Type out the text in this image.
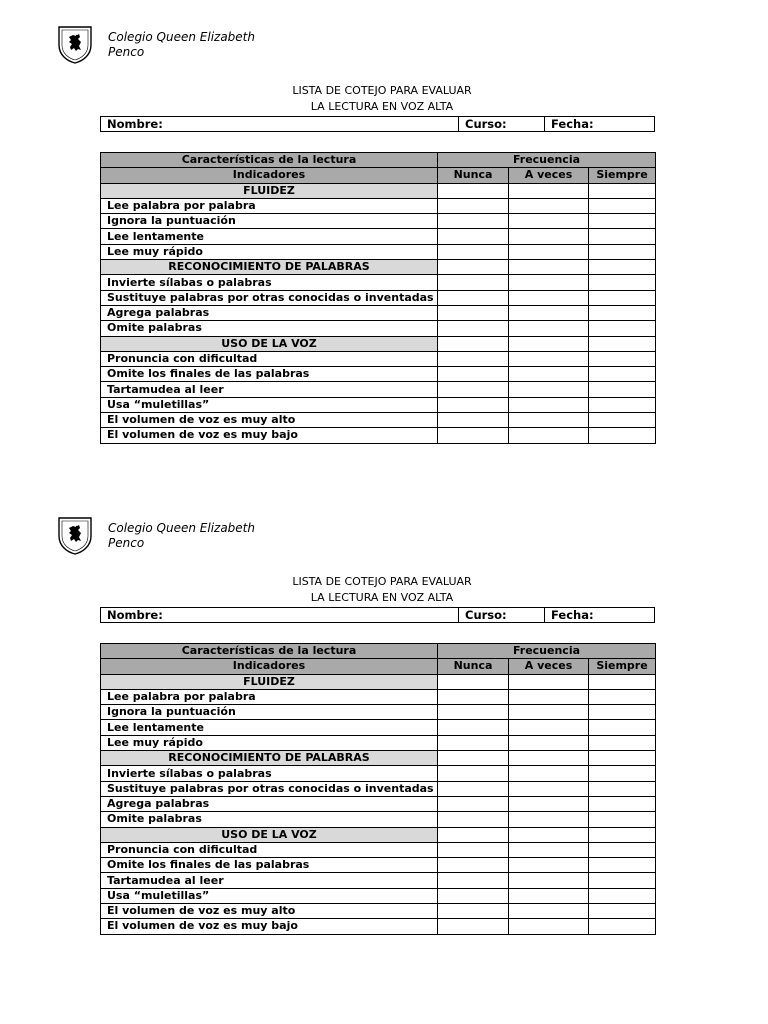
Colegio Queen Elizabeth
Penco
LISTA DE COTEJO PARA EVALUAR
LA LECTURA EN VOZ ALTA
Nombre:	Curso:	Fecha:
Características de la lectura	Frecuencia		
Indicadores	Nunca	A veces	Siempre
FLUIDEZ			
Lee palabra por palabra			
Ignora la puntuación			
Lee lentamente			
Lee muy rápido			
RECONOCIMIENTO DE PALABRAS			
Invierte sílabas o palabras			
Sustituye palabras por otras conocidas o inventadas			
Agrega palabras			
Omite palabras			
USO DE LA VOZ			
Pronuncia con dificultad			
Omite los finales de las palabras			
Tartamudea al leer			
Usa “muletillas”			
El volumen de voz es muy alto			
El volumen de voz es muy bajo			
Colegio Queen Elizabeth
Penco
LISTA DE COTEJO PARA EVALUAR
LA LECTURA EN VOZ ALTA
Nombre:	Curso:	Fecha:
Características de la lectura	Frecuencia		
Indicadores	Nunca	A veces	Siempre
FLUIDEZ			
Lee palabra por palabra			
Ignora la puntuación			
Lee lentamente			
Lee muy rápido			
RECONOCIMIENTO DE PALABRAS			
Invierte sílabas o palabras			
Sustituye palabras por otras conocidas o inventadas			
Agrega palabras			
Omite palabras			
USO DE LA VOZ			
Pronuncia con dificultad			
Omite los finales de las palabras			
Tartamudea al leer			
Usa “muletillas”			
El volumen de voz es muy alto			
El volumen de voz es muy bajo			
